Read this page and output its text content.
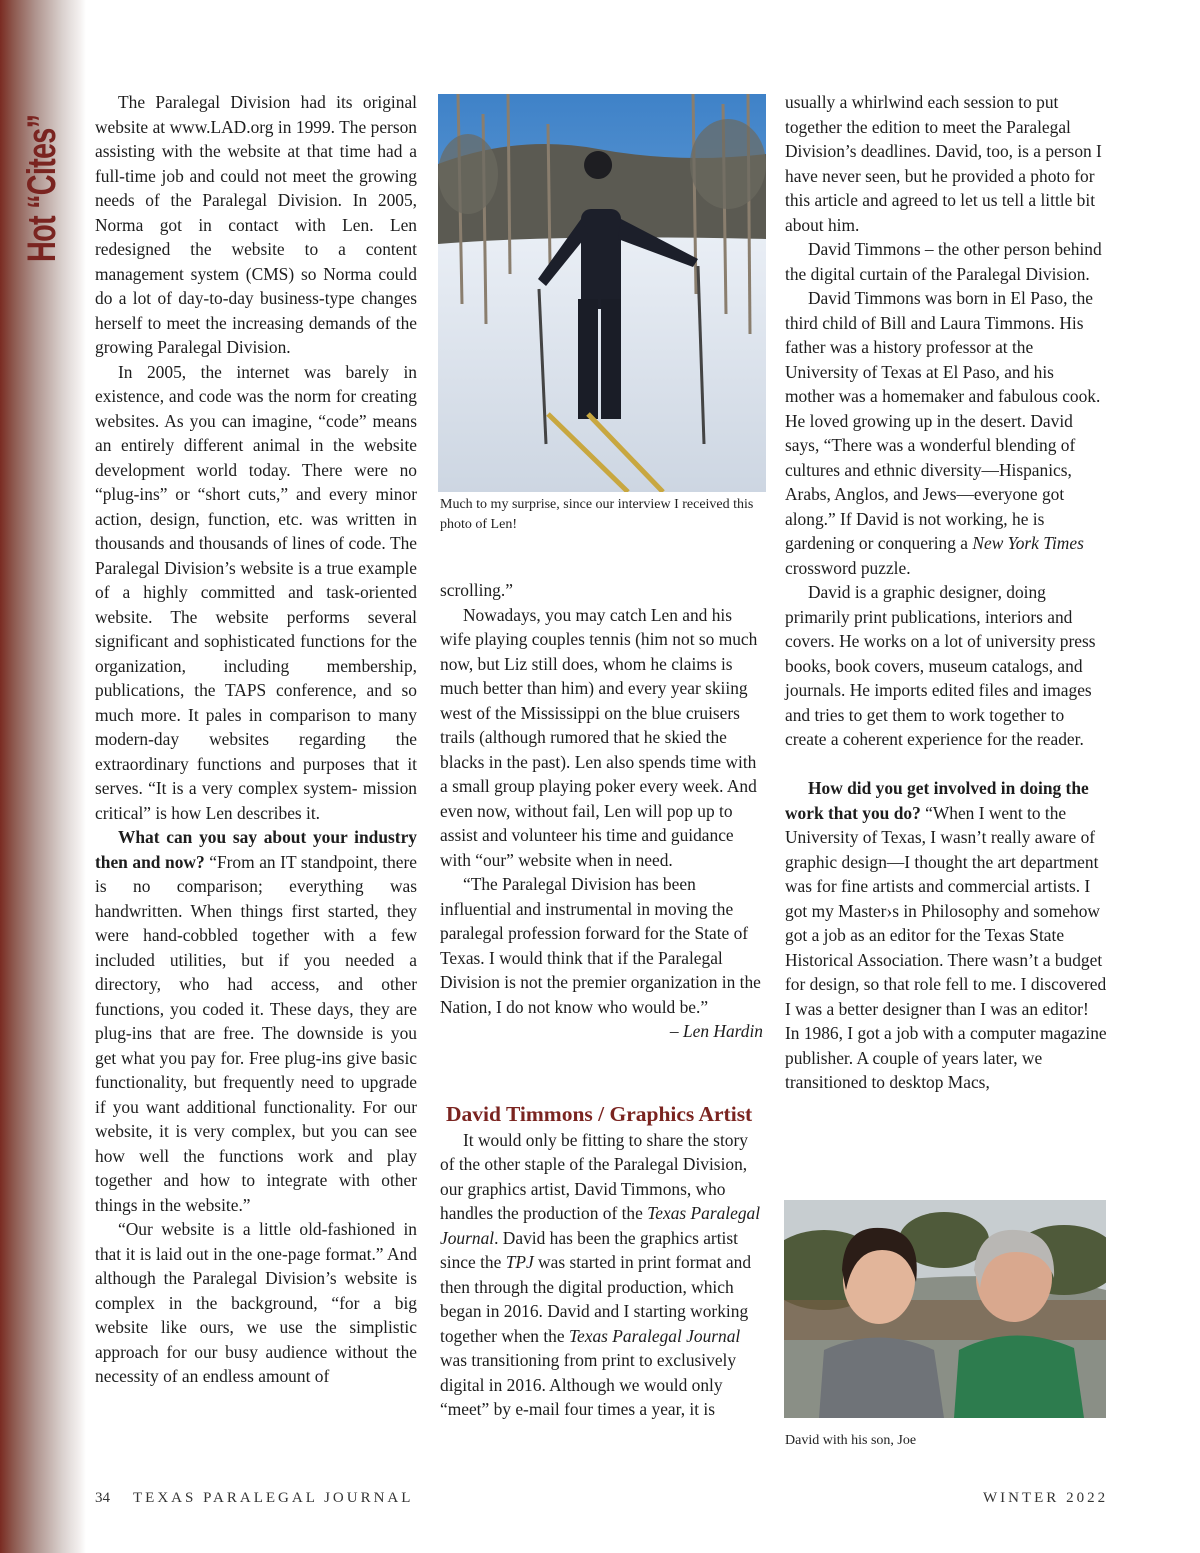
Hot “Cites”

The Paralegal Division had its original website at www.LAD.org in 1999. The person assisting with the website at that time had a full-time job and could not meet the growing needs of the Paralegal Division. In 2005, Norma got in contact with Len. Len redesigned the website to a content management system (CMS) so Norma could do a lot of day-to-day business-type changes herself to meet the increasing demands of the growing Paralegal Division.

In 2005, the internet was barely in existence, and code was the norm for creating websites. As you can imagine, “code” means an entirely different animal in the website development world today. There were no “plug-ins” or “short cuts,” and every minor action, design, function, etc. was written in thousands and thousands of lines of code. The Paralegal Division’s website is a true example of a highly committed and task-oriented website. The website performs several significant and sophisticated functions for the organization, including membership, publications, the TAPS conference, and so much more. It pales in comparison to many modern-day websites regarding the extraordinary functions and purposes that it serves. “It is a very complex system- mission critical” is how Len describes it.

What can you say about your industry then and now? “From an IT standpoint, there is no comparison; everything was handwritten. When things first started, they were hand-cobbled together with a few included utilities, but if you needed a directory, who had access, and other functions, you coded it. These days, they are plug-ins that are free. The downside is you get what you pay for. Free plug-ins give basic functionality, but frequently need to upgrade if you want additional functionality. For our website, it is very complex, but you can see how well the functions work and play together and how to integrate with other things in the website.”

“Our website is a little old-fashioned in that it is laid out in the one-page format.” And although the Paralegal Division’s website is complex in the background, “for a big website like ours, we use the simplistic approach for our busy audience without the necessity of an endless amount of

Much to my surprise, since our interview I received this photo of Len!

scrolling.”

Nowadays, you may catch Len and his wife playing couples tennis (him not so much now, but Liz still does, whom he claims is much better than him) and every year skiing west of the Mississippi on the blue cruisers trails (although rumored that he skied the blacks in the past). Len also spends time with a small group playing poker every week. And even now, without fail, Len will pop up to assist and volunteer his time and guidance with “our” website when in need.

“The Paralegal Division has been influential and instrumental in moving the paralegal profession forward for the State of Texas. I would think that if the Paralegal Division is not the premier organization in the Nation, I do not know who would be.”

– Len Hardin

David Timmons / Graphics Artist

It would only be fitting to share the story of the other staple of the Paralegal Division, our graphics artist, David Timmons, who handles the production of the Texas Paralegal Journal. David has been the graphics artist since the TPJ was started in print format and then through the digital production, which began in 2016. David and I starting working together when the Texas Paralegal Journal was transitioning from print to exclusively digital in 2016. Although we would only “meet” by e-mail four times a year, it is

usually a whirlwind each session to put together the edition to meet the Paralegal Division’s deadlines. David, too, is a person I have never seen, but he provided a photo for this article and agreed to let us tell a little bit about him.

David Timmons – the other person behind the digital curtain of the Paralegal Division.

David Timmons was born in El Paso, the third child of Bill and Laura Timmons. His father was a history professor at the University of Texas at El Paso, and his mother was a homemaker and fabulous cook. He loved growing up in the desert. David says, “There was a wonderful blending of cultures and ethnic diversity—Hispanics, Arabs, Anglos, and Jews—everyone got along.” If David is not working, he is gardening or conquering a New York Times crossword puzzle.

David is a graphic designer, doing primarily print publications, interiors and covers. He works on a lot of university press books, book covers, museum catalogs, and journals. He imports edited files and images and tries to get them to work together to create a coherent experience for the reader.

How did you get involved in doing the work that you do? “When I went to the University of Texas, I wasn’t really aware of graphic design—I thought the art department was for fine artists and commercial artists. I got my Master›s in Philosophy and somehow got a job as an editor for the Texas State Historical Association. There wasn’t a budget for design, so that role fell to me. I discovered I was a better designer than I was an editor! In 1986, I got a job with a computer magazine publisher. A couple of years later, we transitioned to desktop Macs,

David with his son, Joe
34 TEXAS PARALEGAL JOURNAL	WINTER 2022
